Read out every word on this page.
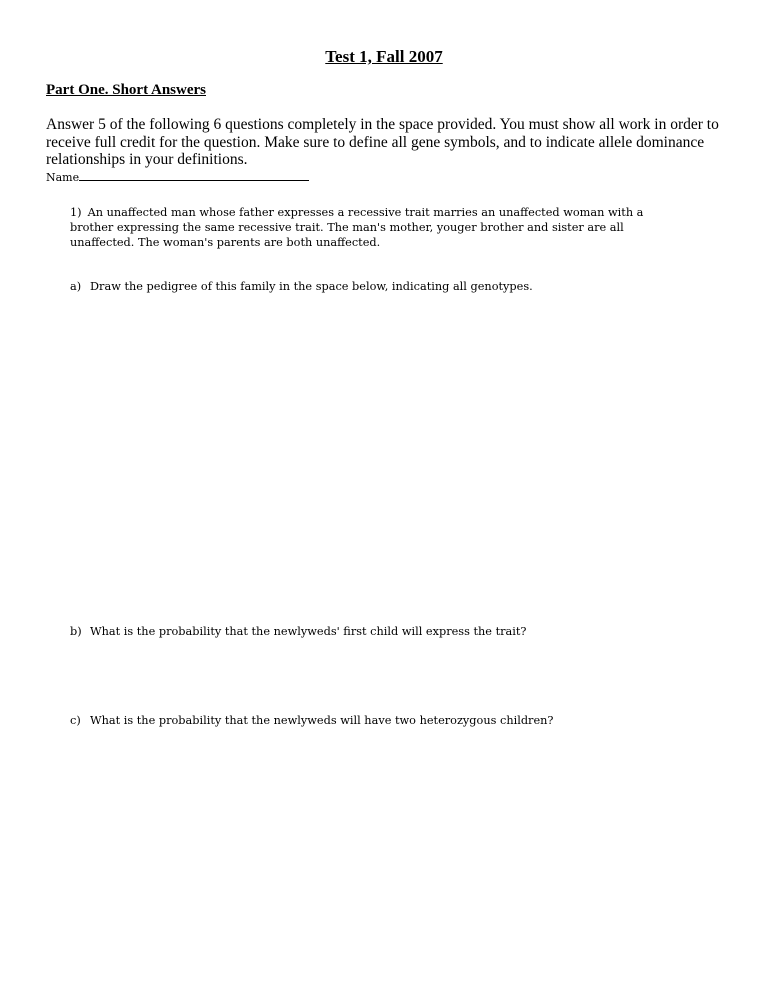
Test 1, Fall 2007
Part One. Short Answers
Answer 5 of the following 6 questions completely in the space provided. You must show all work in order to receive full credit for the question. Make sure to define all gene symbols, and to indicate allele dominance relationships in your definitions.
Name
1) An unaffected man whose father expresses a recessive trait marries an unaffected woman with a brother expressing the same recessive trait. The man's mother, youger brother and sister are all unaffected. The woman's parents are both unaffected.
a) Draw the pedigree of this family in the space below, indicating all genotypes.
b) What is the probability that the newlyweds' first child will express the trait?
c) What is the probability that the newlyweds will have two heterozygous children?
